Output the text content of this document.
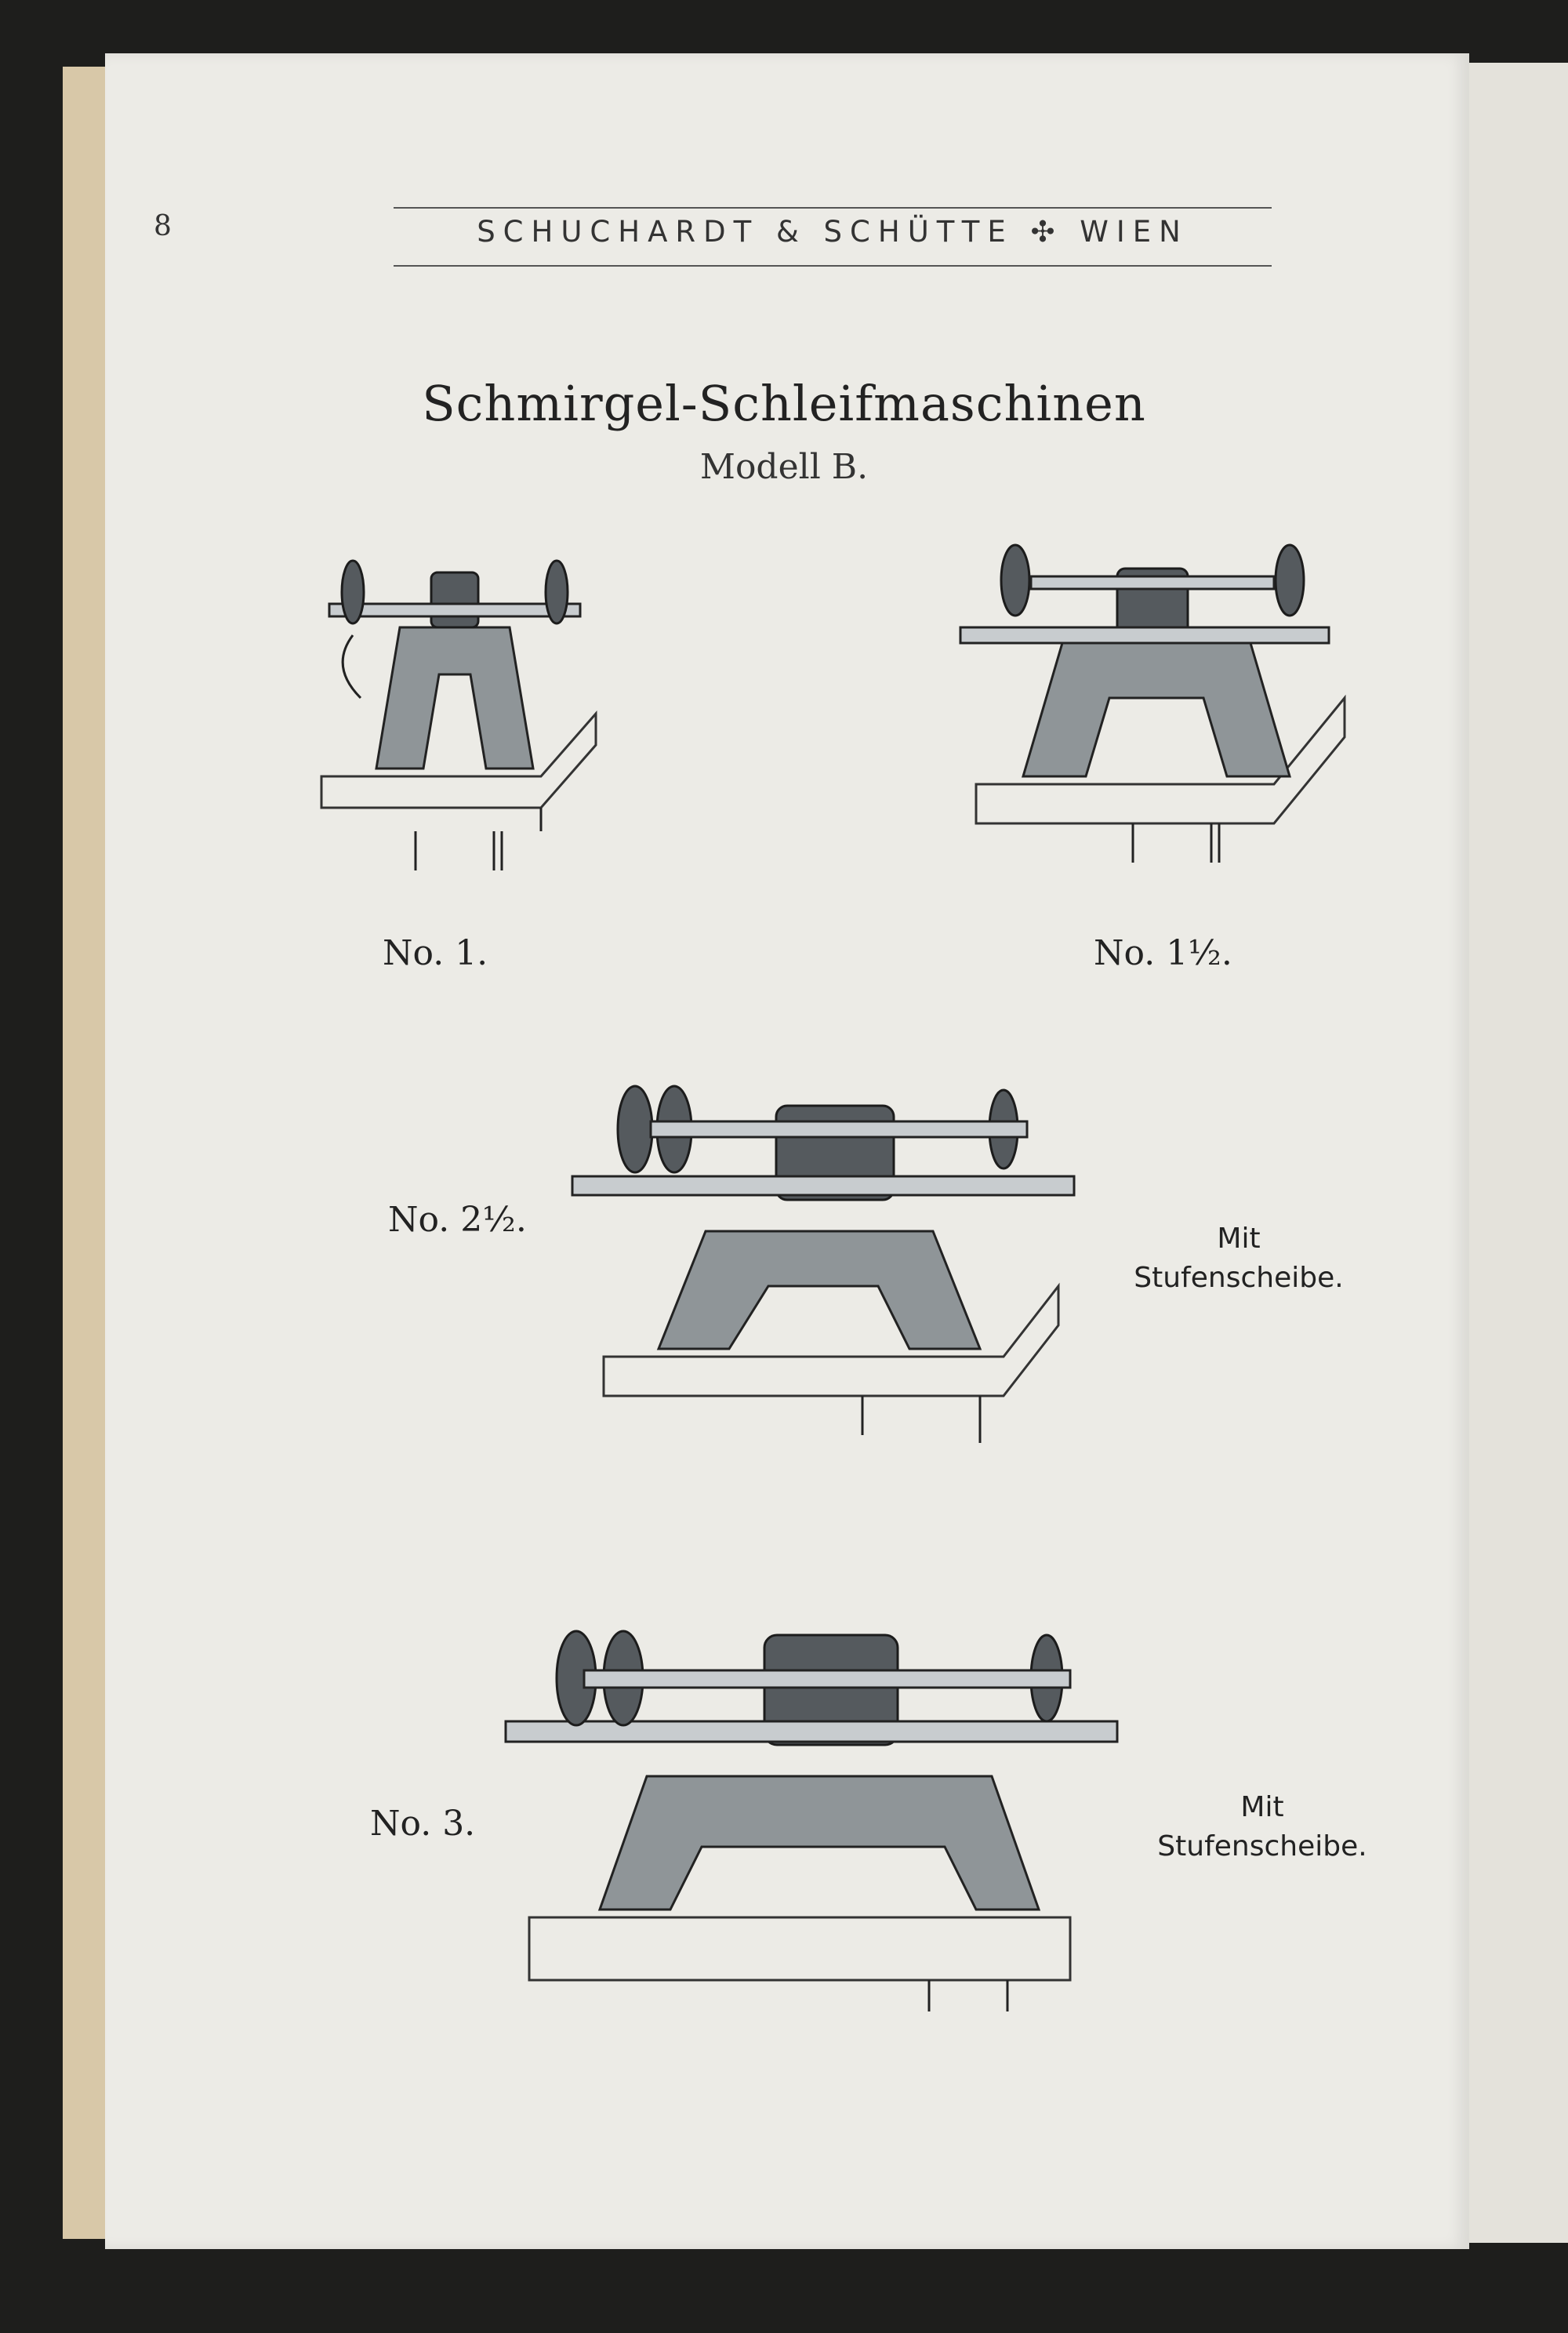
8	SCHUCHARDT & SCHÜTTE ✣ WIEN
Schmirgel-Schleifmaschinen
Modell B.
No. 1.	No. 1½.
No. 2½.	Mit
Stufenscheibe.
No. 3.	Mit
Stufenscheibe.
